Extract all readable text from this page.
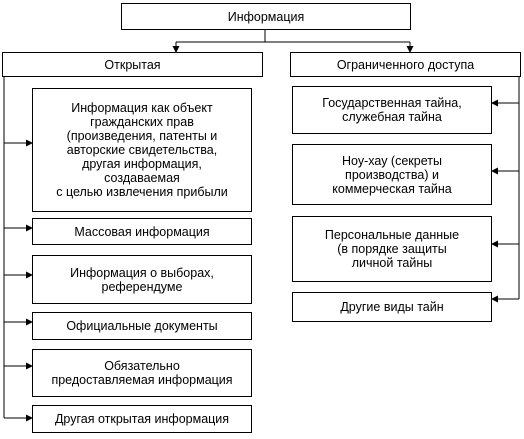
Информация
Открытая	Ограниченного доступа
Информация как объект
гражданских прав
(произведения, патенты и
авторские свидетельства,
другая информация,
создаваемая
с целью извлечения прибыли
Массовая информация
Информация о выборах,
референдуме
Официальные документы
Обязательно
предоставляемая информация
Другая открытая информация
Государственная тайна,
служебная тайна
Ноу-хау (секреты
производства) и
коммерческая тайна
Персональные данные
(в порядке защиты
личной тайны
Другие виды тайн
